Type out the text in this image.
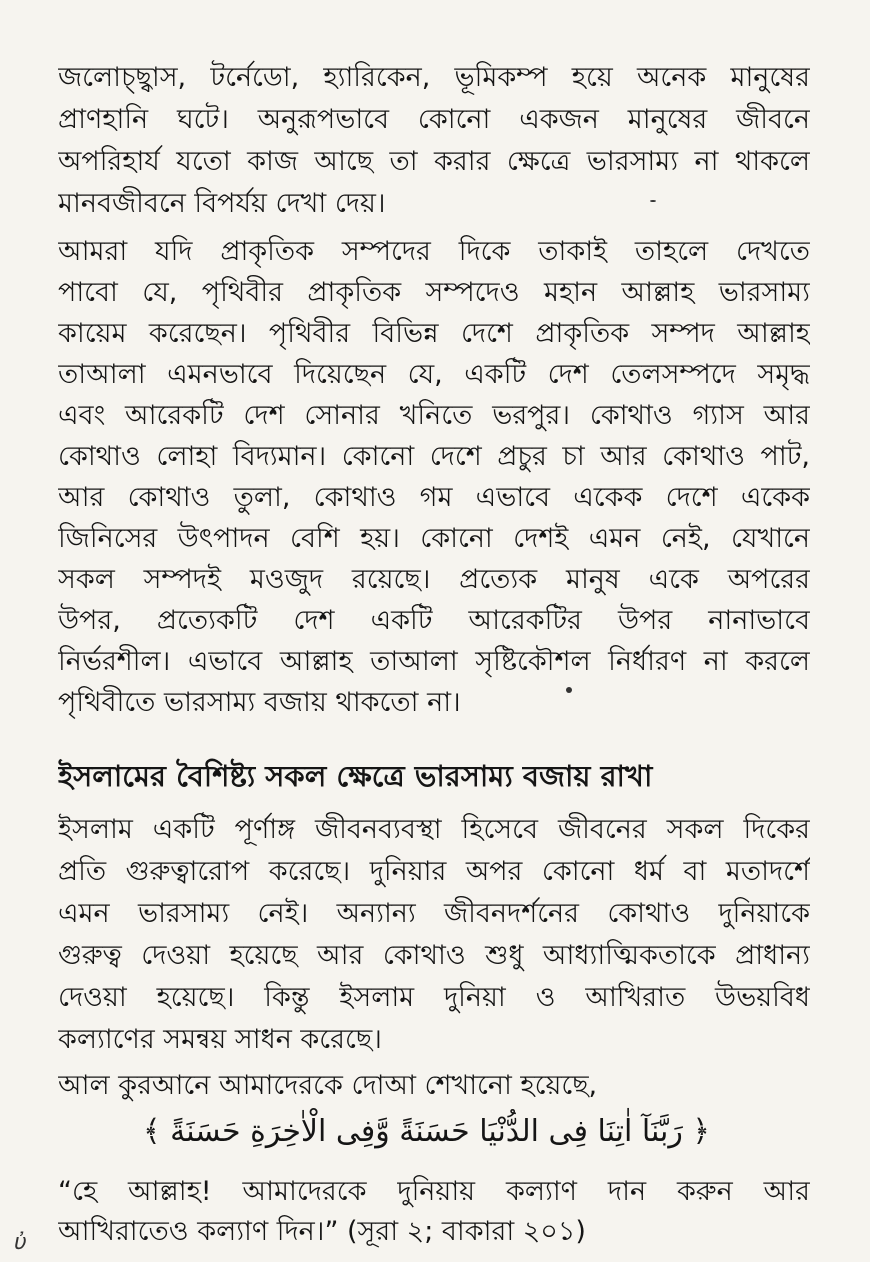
জলোচ্ছ্বাস, টর্নেডো, হ্যারিকেন, ভূমিকম্প হয়ে অনেক মানুষের
প্রাণহানি ঘটে। অনুরূপভাবে কোনো একজন মানুষের জীবনে
অপরিহার্য যতো কাজ আছে তা করার ক্ষেত্রে ভারসাম্য না থাকলে
মানবজীবনে বিপর্যয় দেখা দেয়।
আমরা যদি প্রাকৃতিক সম্পদের দিকে তাকাই তাহলে দেখতে
পাবো যে, পৃথিবীর প্রাকৃতিক সম্পদেও মহান আল্লাহ ভারসাম্য
কায়েম করেছেন। পৃথিবীর বিভিন্ন দেশে প্রাকৃতিক সম্পদ আল্লাহ
তাআলা এমনভাবে দিয়েছেন যে, একটি দেশ তেলসম্পদে সমৃদ্ধ
এবং আরেকটি দেশ সোনার খনিতে ভরপুর। কোথাও গ্যাস আর
কোথাও লোহা বিদ্যমান। কোনো দেশে প্রচুর চা আর কোথাও পাট,
আর কোথাও তুলা, কোথাও গম এভাবে একেক দেশে একেক
জিনিসের উৎপাদন বেশি হয়। কোনো দেশই এমন নেই, যেখানে
সকল সম্পদই মওজুদ রয়েছে। প্রত্যেক মানুষ একে অপরের
উপর, প্রত্যেকটি দেশ একটি আরেকটির উপর নানাভাবে
নির্ভরশীল। এভাবে আল্লাহ তাআলা সৃষ্টিকৌশল নির্ধারণ না করলে
পৃথিবীতে ভারসাম্য বজায় থাকতো না।
ইসলামের বৈশিষ্ট্য সকল ক্ষেত্রে ভারসাম্য বজায় রাখা
ইসলাম একটি পূর্ণাঙ্গ জীবনব্যবস্থা হিসেবে জীবনের সকল দিকের
প্রতি গুরুত্বারোপ করেছে। দুনিয়ার অপর কোনো ধর্ম বা মতাদর্শে
এমন ভারসাম্য নেই। অন্যান্য জীবনদর্শনের কোথাও দুনিয়াকে
গুরুত্ব দেওয়া হয়েছে আর কোথাও শুধু আধ্যাত্মিকতাকে প্রাধান্য
দেওয়া হয়েছে। কিন্তু ইসলাম দুনিয়া ও আখিরাত উভয়বিধ
কল্যাণের সমন্বয় সাধন করেছে।
আল কুরআনে আমাদেরকে দোআ শেখানো হয়েছে,
﴿ رَبَّنَآ اٰتِنَا فِى الدُّنْيَا حَسَنَةً وَّفِى الْاٰخِرَةِ حَسَنَةً ﴾
“হে আল্লাহ! আমাদেরকে দুনিয়ায় কল্যাণ দান করুন আর
আখিরাতেও কল্যাণ দিন।” (সূরা ২; বাকারা ২০১)
ὐ
